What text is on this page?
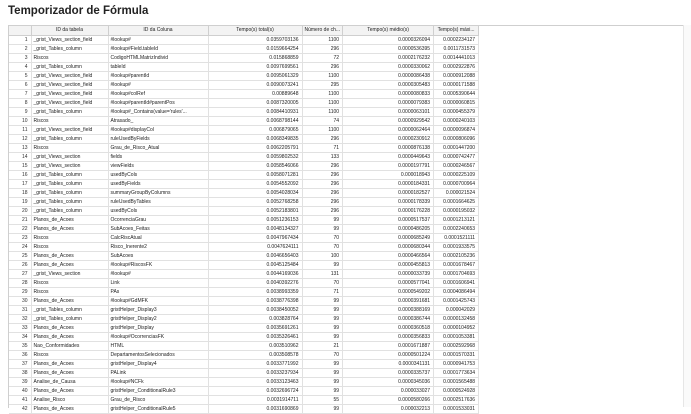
Temporizador de Fórmula
	ID da tabela	ID da Coluna	Tempo(s) total(s)	Número de ch...	Tempo(s) médio(s)	Tempo(s) máxi...
1	_grist_Views_section_field	#lookup#	0.0359703136	1100	0.0000326094	0.0002234127
2	_grist_Tables_column	#lookup#Field.tableId	0.0159664254	296	0.0000536395	0.0011731573
3	Riscos	CodigoHTMLMatrizIndivid	0.015868859	72	0.0002176232	0.0014441013
4	_grist_Tables_column	tableId	0.0097699561	296	0.0000330062	0.0002922876
5	_grist_Views_section_field	#lookup#parentId	0.0095061329	1100	0.0000086438	0.0000912088
6	_grist_Views_section_field	#lookup#	0.0090073241	295	0.0000305483	0.0000171588
7	_grist_Views_section_field	#lookup#colRef	0.00889648	1100	0.0000080833	0.0005390644
8	_grist_Views_section_field	#lookup#parentId#parentPos	0.0087320005	1100	0.0000079383	0.0000060815
9	_grist_Tables_column	#lookup#_Contains(value='rules'...	0.0084410931	1100	0.0000063101	0.0000455379
10	Riscos	Atrasado_	0.0068798144	74	0.0000929542	0.0000240103
11	_grist_Views_section_field	#lookup#displayCol	0.006879065	1100	0.0000062464	0.0000096874
12	_grist_Tables_column	ruleUsedByFields	0.0068349835	296	0.0000230912	0.0000806096
13	Riscos	Grau_de_Risco_Atual	0.0062205791	71	0.0000876138	0.0001447200
14	_grist_Views_section	fields	0.0059802532	133	0.0000449643	0.0000742477
15	_grist_Views_section	viewFields	0.0058546066	296	0.0000197791	0.0000246567
16	_grist_Tables_column	usedByCols	0.0058071281	296	0.000018943	0.0000225109
17	_grist_Tables_column	usedByFields	0.0054552092	296	0.0000184331	0.0000700964
18	_grist_Tables_column	summaryGroupByColumns	0.0054028034	296	0.0000182527	0.000021524
19	_grist_Tables_column	ruleUsedByTables	0.0052768258	296	0.0000178339	0.0001664625
20	_grist_Tables_column	usedByCols	0.0052183801	296	0.0000176228	0.0000195032
21	Planos_de_Acoes	OcorrenciaGrau	0.0051236153	99	0.0000517537	0.0001213121
22	Planos_de_Acoes	SubAcoes_Feitas	0.0048134327	99	0.0000486205	0.0002240653
23	Riscos	CalcRiscAtual	0.0047967434	70	0.0000685249	0.0001521111
24	Riscos	Risco_Inerente2	0.0047624111	70	0.0000680344	0.0001933575
25	Planos_de_Acoes	SubAcoes	0.0046656403	100	0.0000466564	0.0002105236
26	Planos_de_Acoes	#lookup#RiscosFK	0.0045125484	99	0.0000455813	0.0001678467
27	_grist_Views_section	#lookup#	0.0044169036	131	0.0000033739	0.0001704693
28	Riscos	Link	0.0040392276	70	0.0000577041	0.0001606941
29	Riscos	PAs	0.0038993359	71	0.0000549202	0.0004086494
30	Planos_de_Acoes	#lookup#GdMFK	0.0038776398	99	0.0000391681	0.0001425743
31	_grist_Tables_column	gristHelper_Display3	0.0038450052	99	0.0000388169	0.000042029
32	_grist_Tables_column	gristHelper_Display2	0.003828764	99	0.0000386744	0.0000132458
33	Planos_de_Acoes	gristHelper_Display	0.0035691261	99	0.0000360518	0.0000104952
34	Planos_de_Acoes	#lookup#OcorrenciasFK	0.0035326461	99	0.0000356833	0.0001053381
35	Nao_Conformidades	HTML	0.003510962	21	0.0001671887	0.0002592968
36	Riscos	DepartamentosSelecionados	0.003508578	70	0.0000501224	0.0001570331
37	Planos_de_Acoes	gristHelper_Display4	0.0033771992	99	0.0000341131	0.0000941753
38	Planos_de_Acoes	PALink	0.0033237934	99	0.0000335737	0.0001773634
39	Analise_de_Causa	#lookup#NCFk	0.0033123463	99	0.0000345036	0.0001565488
40	Planos_de_Acoes	gristHelper_ConditionalRule3	0.0032696724	99	0.000033027	0.0000524928
41	Analise_Risco	Grau_de_Risco	0.0031914711	55	0.0000580266	0.0002517636
42	Planos_de_Acoes	gristHelper_ConditionalRule5	0.0031690869	99	0.000032213	0.0001533031
